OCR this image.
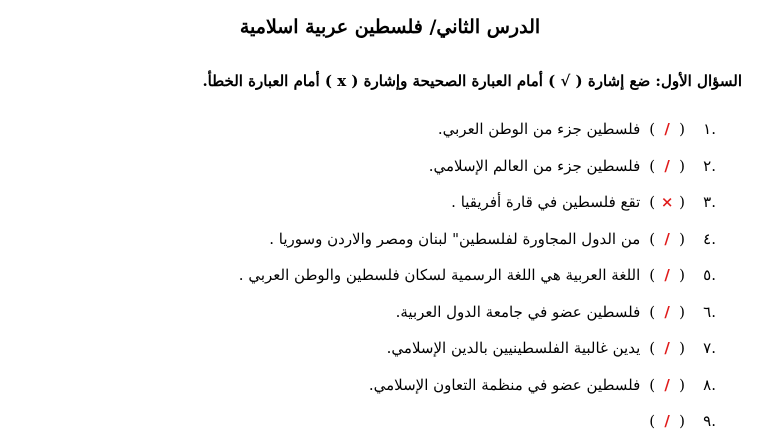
الدرس الثاني/ فلسطين عربية اسلامية
السؤال الأول: ضع إشارة ( √ ) أمام العبارة الصحيحة وإشارة ( x ) أمام العبارة الخطأ.
.١
(/)
فلسطين جزء من الوطن العربي.
.٢
(/)
فلسطين جزء من العالم الإسلامي.
.٣
(×)
تقع فلسطين في قارة أفريقيا .
.٤
(/)
من الدول المجاورة لفلسطين" لبنان ومصر والاردن وسوريا .
.٥
(/)
اللغة العربية هي اللغة الرسمية لسكان فلسطين والوطن العربي .
.٦
(/)
فلسطين عضو في جامعة الدول العربية.
.٧
(/)
يدين غالبية الفلسطينيين بالدين الإسلامي.
.٨
(/)
فلسطين عضو في منظمة التعاون الإسلامي.
.٩
(/)
